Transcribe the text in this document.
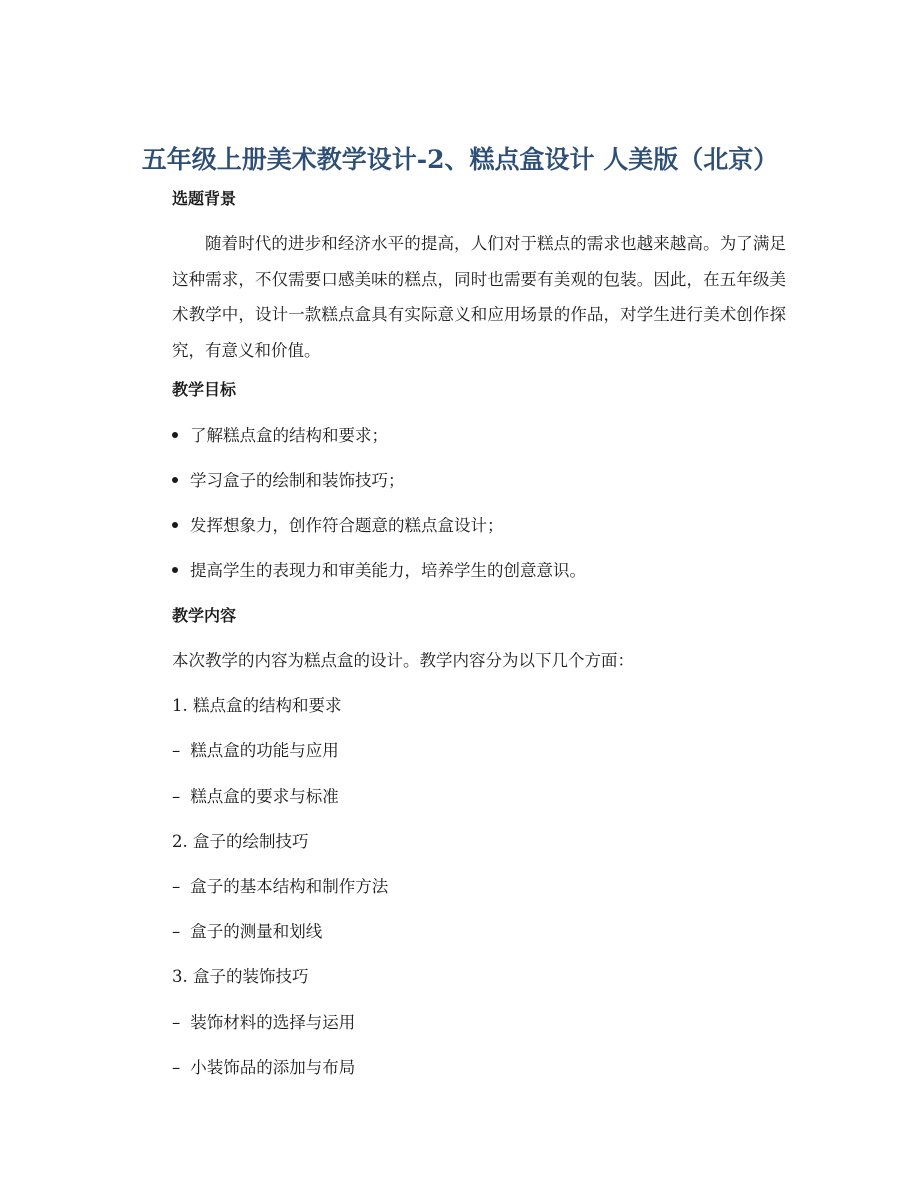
五年级上册美术教学设计-2、糕点盒设计 人美版（北京）
选题背景

随着时代的进步和经济水平的提高，人们对于糕点的需求也越来越高。为了满足这种需求，不仅需要口感美味的糕点，同时也需要有美观的包装。因此，在五年级美术教学中，设计一款糕点盒具有实际意义和应用场景的作品，对学生进行美术创作探究，有意义和价值。

教学目标
了解糕点盒的结构和要求；
学习盒子的绘制和装饰技巧；
发挥想象力，创作符合题意的糕点盒设计；
提高学生的表现力和审美能力，培养学生的创意意识。
教学内容

本次教学的内容为糕点盒的设计。教学内容分为以下几个方面：

1. 糕点盒的结构和要求

– 糕点盒的功能与应用

– 糕点盒的要求与标准

2. 盒子的绘制技巧

– 盒子的基本结构和制作方法

– 盒子的测量和划线

3. 盒子的装饰技巧

– 装饰材料的选择与运用

– 小装饰品的添加与布局
